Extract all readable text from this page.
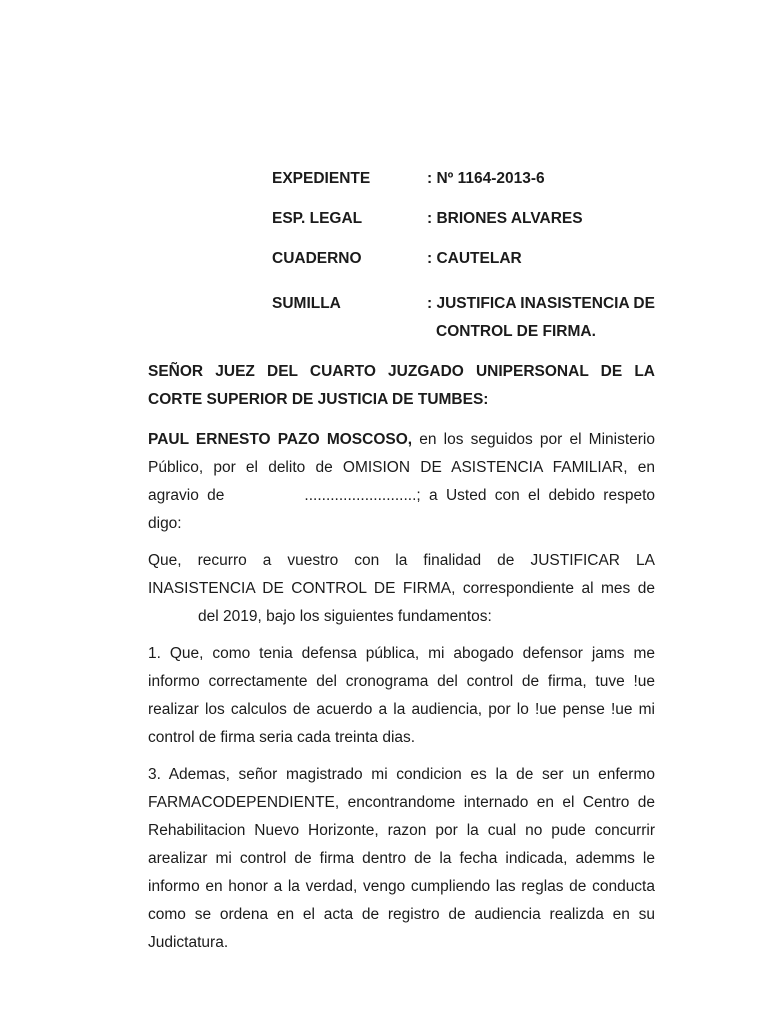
EXPEDIENTE	: Nº 1164-2013-6
ESP. LEGAL	: BRIONES ALVARES
CUADERNO	: CAUTELAR
SUMILLA	: JUSTIFICA INASISTENCIA DE
CONTROL DE FIRMA.

SEÑOR JUEZ DEL CUARTO JUZGADO UNIPERSONAL DE LA CORTE SUPERIOR DE JUSTICIA DE TUMBES:

PAUL ERNESTO PAZO MOSCOSO, en los seguidos por el Ministerio Público, por el delito de OMISION DE ASISTENCIA FAMILIAR, en agravio de	..........................; a Usted con el debido respeto digo:

Que, recurro a vuestro con la finalidad de JUSTIFICAR LA INASISTENCIA DE CONTROL DE FIRMA, correspondiente al mes dedel 2019, bajo los siguientes fundamentos:

1. Que, como tenia defensa pública, mi abogado defensor jams me informo correctamente del cronograma del control de firma, tuve !ue realizar los calculos de acuerdo a la audiencia, por lo !ue pense !ue mi control de firma seria cada treinta dias.

3. Ademas, señor magistrado mi condicion es la de ser un enfermo FARMACODEPENDIENTE, encontrandome internado en el Centro de Rehabilitacion Nuevo Horizonte, razon por la cual no pude concurrir arealizar mi control de firma dentro de la fecha indicada, ademms le informo en honor a la verdad, vengo cumpliendo las reglas de conducta como se ordena en el acta de registro de audiencia realizda en su Judictatura.
